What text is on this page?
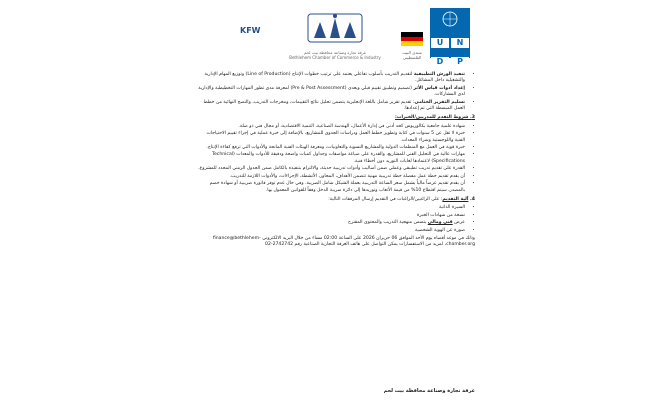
منتدى البيت الفلسطيني
KFW
غرفة تجارة وصناعة محافظة بيت لحم
Bethlehem Chamber of Commerce & Industry
U ND P
• تنفيذ الورش التطبيقية لتقديم التدريب بأسلوب تفاعلي يعتمد على ترتيب خطوات الإنتاج (Line of Production) وتوزيع المهام الإدارية والتشغيلية داخل المشاغل.
• إعداد أدوات قياس الأثر (تصميم وتطبيق تقييم قبلي وبعدي (Pre & Post Assessment) لمعرفة مدى تطور المهارات التخطيطية والإدارية لدى المشاركات.
• تسليم التقرير الختامي: تقديم تقرير شامل باللغة الإنجليزية يتضمن تحليل نتائج التقييمات، ومخرجات التدريب، والنصح النهائية من خطط العمل المبسطة التي تم إعدادها.
3. شروط التقدم للمدربين/الخبرات:
• شهادة علمية جامعية بكالوريوس كحد أدنى في إدارة الأعمال، الهندسة الصناعية، التنمية الاقتصادية، أو مجال فني ذو صلة.
• خبرة لا تقل عن 5 سنوات في كتابة وتطوير خطط العمل ودراسات الجدوى للمشاريع، بالإضافة إلى خبرة عملية في إجراء تقييم الاحتياجات الفنية واللوجستية وشراء المعدات.
• خبرة قوية في العمل مع المنظمات الدولية والمشاريع النسوية والتعاونيات، ومعرفة الهيئات الفنية المانحة والأدوات التي ترفع كفاءة الإنتاج.
• مهارات عالية في التحليل الفني للمشاريع، والقدرة على صياغة مواصفات وجداول كميات واضحة ودقيقة للأدوات والمعدات (Technical Specifications) لاعتمادها لغايات التوريد دون أخطاء فنية.
• القدرة على تقديم تدريب تطبيقي وعملي ضمن أساليب وأدوات تدريبية حديثة، والالتزام بتنفيذه بالكامل ضمن الجدول الزمني المحدد للمشروع.
• أن يقدم تقديم خطة عمل مفصلة خطة تدريبية مهنية تتضمن الأهداف، المحاور، الأنشطة، الإجراءات، والأدوات اللازمة للتدريب.
• أن يقدم تقديم عرضاً مالياً يشمل سعر الساعة التدريبية بعملة الشيكل شامل الضريبة. وفي حال عدم توفر فاتورة ضريبية أو شهادة خصم بالمصدر، سيتم اقتطاع 10% من قيمة الأتعاب وتوريدها إلى دائرة ضريبة الدخل وفقاً للقوانين المعمول بها.
4. آلية التقديم: على الراغبين/الراغبات في التقديم إرسال المرفقات التالية:
• السيرة الذاتية
• نسخة من شهادات الخبرة
• عرض فني ومالي يتضمن منهجية التدريب والمحتوى المقترح
• صورة عن الهوية الشخصية
وذلك في موعد أقصاه يوم الأحد الموافق 06 حزيران 2026 على الساعة 02:00 مساء من خلال البريد الالكتروني finance@bethlehem-chamber.org، لمزيد من الاستفسارات يمكن التواصل على هاتف الغرفة التجارية الصناعية رقم 2742742-02
غرفة تجارة وصناعة محافظة بيت لحم
